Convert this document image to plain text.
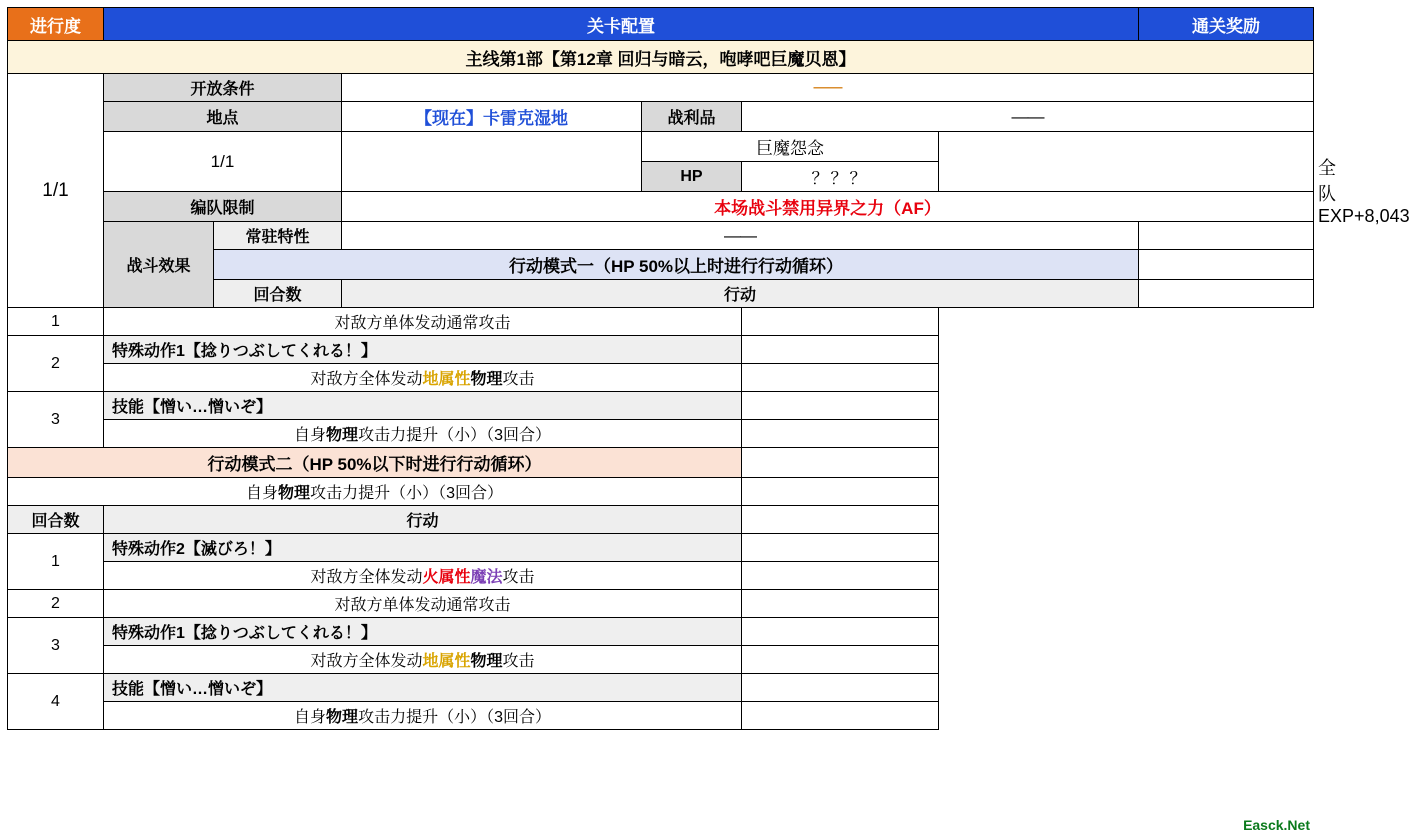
进行度	关卡配置						通关奖励	
主线第1部【第12章 回归与暗云，咆哮吧巨魔贝恩】								
1/1	开放条件		——					全队EXP+8,043
	地点		【现在】卡雷克湿地	战利品	——			
	1/1			巨魔怨念				
				HP	？？？			
	编队限制		本场战斗禁用异界之力（AF）					
	战斗效果	常驻特性	——					
		行动模式一（HP 50%以上时进行行动循环）						
		回合数	行动					
1	对敌方单体发动通常攻击							
2	特殊动作1【捻りつぶしてくれる！】							
	对敌方全体发动地属性物理攻击							
3	技能【憎い…憎いぞ】							
	自身物理攻击力提升（小）（3回合）							
行动模式二（HP 50%以下时进行行动循环）								
自身物理攻击力提升（小）（3回合）								
回合数	行动							
1	特殊动作2【滅びろ！】							
	对敌方全体发动火属性魔法攻击							
2	对敌方单体发动通常攻击							
3	特殊动作1【捻りつぶしてくれる！】							
	对敌方全体发动地属性物理攻击							
4	技能【憎い…憎いぞ】							
	自身物理攻击力提升（小）（3回合）							
Easck.Net
